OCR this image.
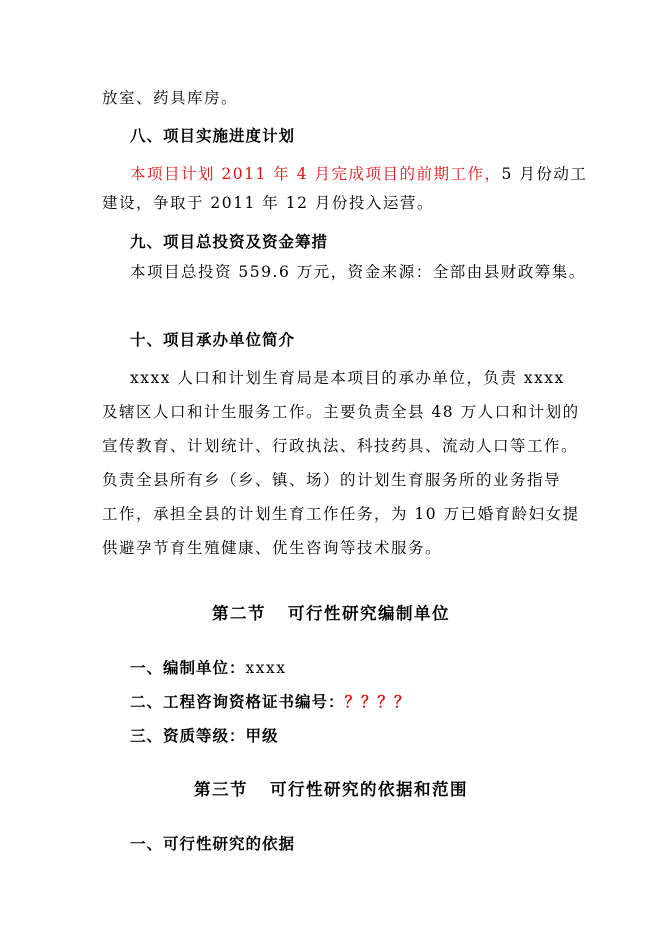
放室、药具库房。
八、项目实施进度计划
本项目计划 2011 年 4 月完成项目的前期工作，5 月份动工
建设，争取于 2011 年 12 月份投入运营。
九、项目总投资及资金筹措
本项目总投资 559.6 万元，资金来源：全部由县财政筹集。
十、项目承办单位简介
xxxx 人口和计划生育局是本项目的承办单位，负责 xxxx
及辖区人口和计生服务工作。主要负责全县 48 万人口和计划的
宣传教育、计划统计、行政执法、科技药具、流动人口等工作。
负责全县所有乡（乡、镇、场）的计划生育服务所的业务指导
工作，承担全县的计划生育工作任务，为 10 万已婚育龄妇女提
供避孕节育生殖健康、优生咨询等技术服务。
第二节 可行性研究编制单位
一、编制单位：xxxx
二、工程咨询资格证书编号：？？？？
三、资质等级：甲级
第三节 可行性研究的依据和范围
一、可行性研究的依据
